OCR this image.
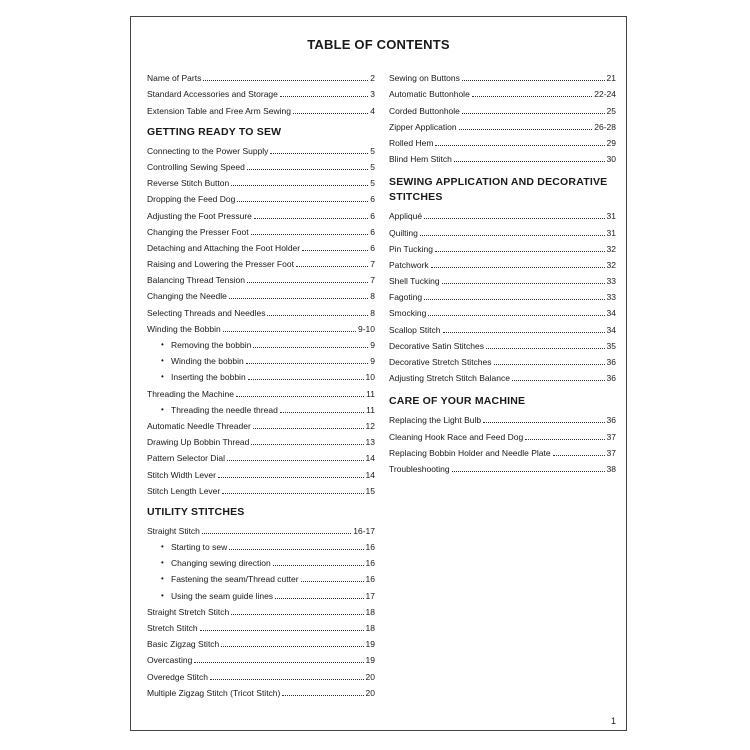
TABLE OF CONTENTS
Name of Parts	2
Standard Accessories and Storage	3
Extension Table and Free Arm Sewing	4
GETTING READY TO SEW
Connecting to the Power Supply	5
Controlling Sewing Speed	5
Reverse Stitch Button	5
Dropping the Feed Dog	6
Adjusting the Foot Pressure	6
Changing the Presser Foot	6
Detaching and Attaching the Foot Holder	6
Raising and Lowering the Presser Foot	7
Balancing Thread Tension	7
Changing the Needle	8
Selecting Threads and Needles	8
Winding the Bobbin	9-10
• Removing the bobbin	9
• Winding the bobbin	9
• Inserting the bobbin	10
Threading the Machine	11
• Threading the needle thread	11
Automatic Needle Threader	12
Drawing Up Bobbin Thread	13
Pattern Selector Dial	14
Stitch Width Lever	14
Stitch Length Lever	15
UTILITY STITCHES
Straight Stitch	16-17
• Starting to sew	16
• Changing sewing direction	16
• Fastening the seam/Thread cutter	16
• Using the seam guide lines	17
Straight Stretch Stitch	18
Stretch Stitch	18
Basic Zigzag Stitch	19
Overcasting	19
Overedge Stitch	20
Multiple Zigzag Stitch (Tricot Stitch)	20
Sewing on Buttons	21
Automatic Buttonhole	22-24
Corded Buttonhole	25
Zipper Application	26-28
Rolled Hem	29
Blind Hem Stitch	30
SEWING APPLICATION AND DECORATIVE
STITCHES
Appliqué	31
Quilting	31
Pin Tucking	32
Patchwork	32
Shell Tucking	33
Fagoting	33
Smocking	34
Scallop Stitch	34
Decorative Satin Stitches	35
Decorative Stretch Stitches	36
Adjusting Stretch Stitch Balance	36
CARE OF YOUR MACHINE
Replacing the Light Bulb	36
Cleaning Hook Race and Feed Dog	37
Replacing Bobbin Holder and Needle Plate	37
Troubleshooting	38
1
